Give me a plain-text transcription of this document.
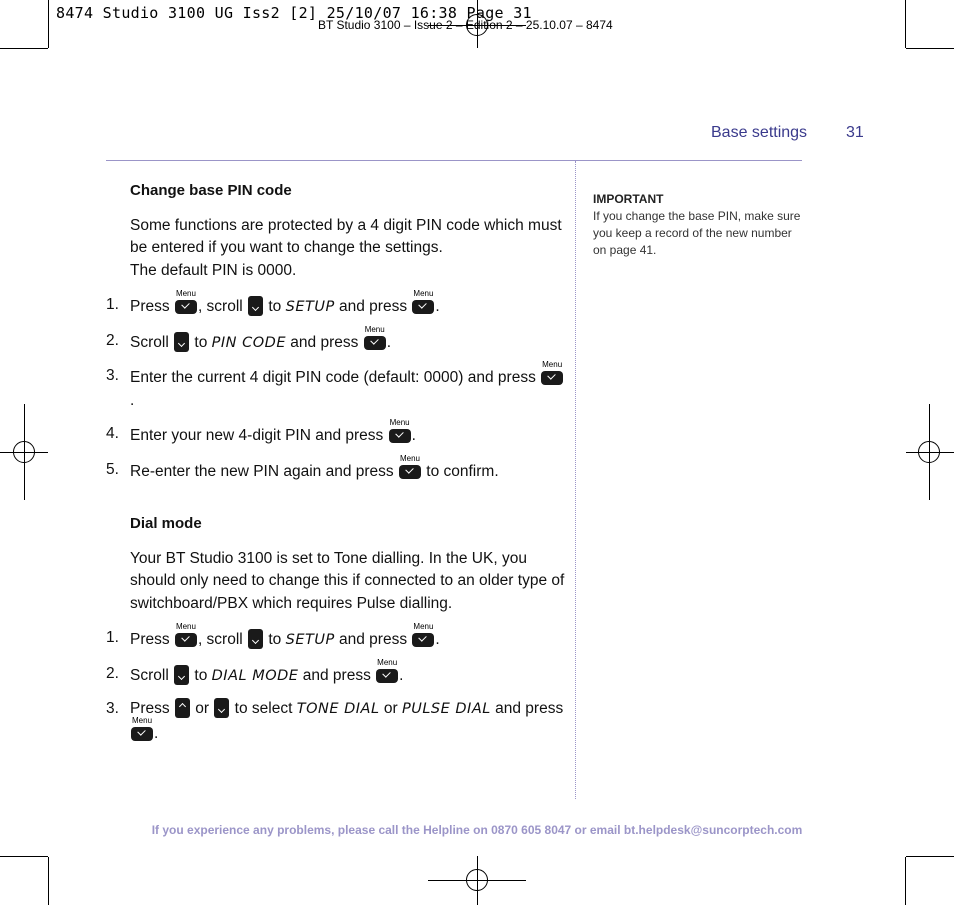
8474 Studio 3100 UG Iss2 [2] 25/10/07 16:38 Page 31
BT Studio 3100 – Issue 2 – Edition 2 – 25.10.07 – 8474
Base settings 31
Change base PIN code
Some functions are protected by a 4 digit PIN code which must be entered if you want to change the settings.
The default PIN is 0000.
1. Press Menu , scroll to SETUP and press Menu .
2. Scroll to PIN CODE and press Menu .
3. Enter the current 4 digit PIN code (default: 0000) and press Menu.
4. Enter your new 4-digit PIN and press Menu .
5. Re-enter the new PIN again and press Menu to confirm.
Dial mode
Your BT Studio 3100 is set to Tone dialling. In the UK, you should only need to change this if connected to an older type of switchboard/PBX which requires Pulse dialling.
1. Press Menu , scroll to SETUP and press Menu .
2. Scroll to DIAL MODE and press Menu .
3. Press or to select TONE DIAL or PULSE DIAL and press Menu.
IMPORTANT
If you change the base PIN, make sure you keep a record of the new number on page 41.
If you experience any problems, please call the Helpline on 0870 605 8047 or email bt.helpdesk@suncorptech.com
